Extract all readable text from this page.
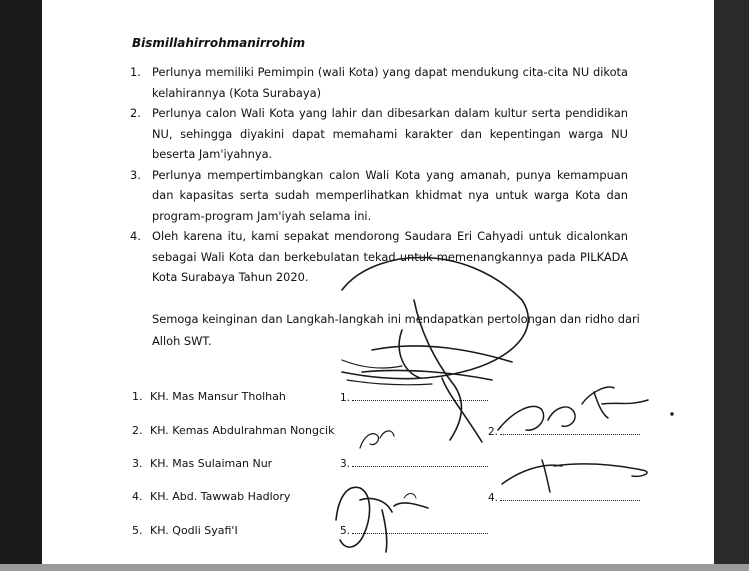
Bismillahirrohmanirrohim
1. Perlunya memiliki Pemimpin (wali Kota) yang dapat mendukung cita-cita NU dikota kelahirannya (Kota Surabaya)
2. Perlunya calon Wali Kota yang lahir dan dibesarkan dalam kultur serta pendidikan NU, sehingga diyakini dapat memahami karakter dan kepentingan warga NU beserta Jam'iyahnya.
3. Perlunya mempertimbangkan calon Wali Kota yang amanah, punya kemampuan dan kapasitas serta sudah memperlihatkan khidmat nya untuk warga Kota dan program-program Jam'iyah selama ini.
4. Oleh karena itu, kami sepakat mendorong Saudara Eri Cahyadi untuk dicalonkan sebagai Wali Kota dan berkebulatan tekad untuk memenangkannya pada PILKADA Kota Surabaya Tahun 2020.
Semoga keinginan dan Langkah-langkah ini mendapatkan pertolongan dan ridho dari Alloh SWT.
1. KH. Mas Mansur Tholhah
2. KH. Kemas Abdulrahman Nongcik
3. KH. Mas Sulaiman Nur
4. KH. Abd. Tawwab Hadlory
5. KH. Qodli Syafi'I
1.
2.
3.
4.
5.
